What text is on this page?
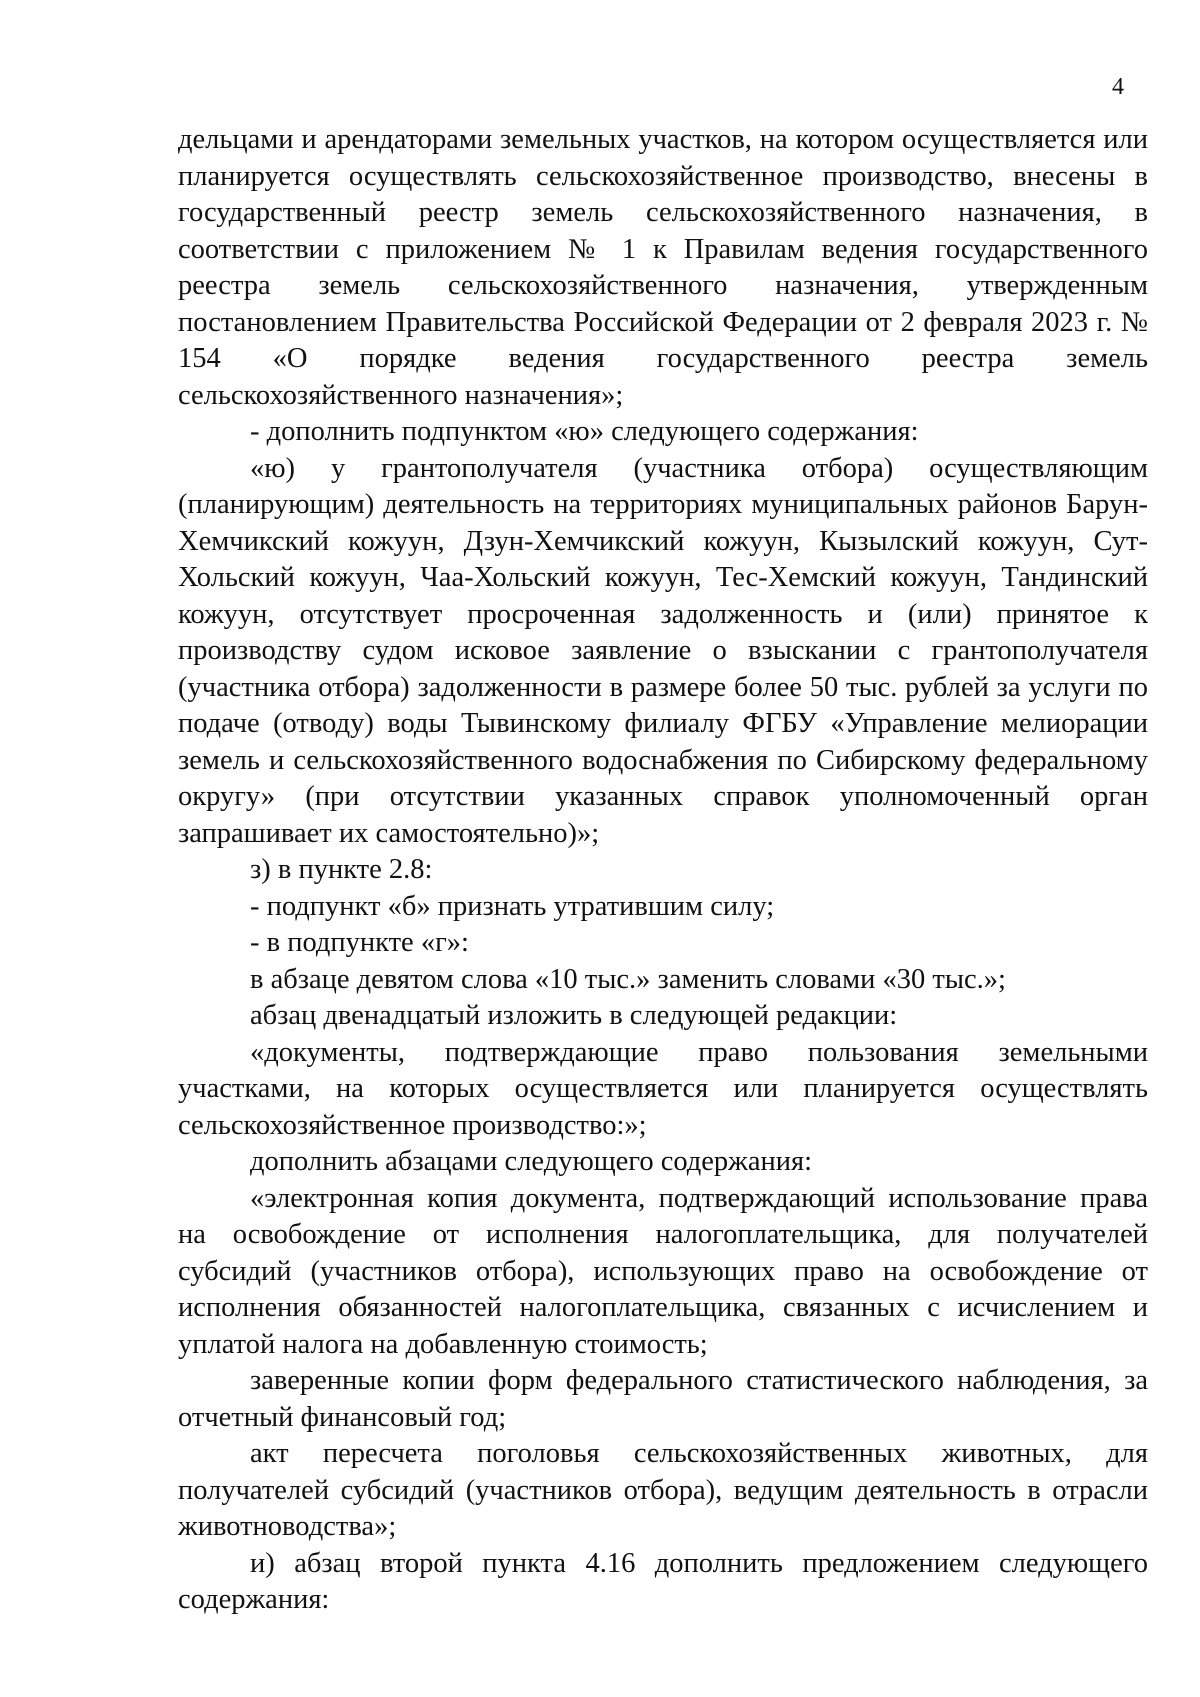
4

дельцами и арендаторами земельных участков, на котором осуществляется или планируется осуществлять сельскохозяйственное производство, внесены в государственный реестр земель сельскохозяйственного назначения, в соответствии с приложением № 1 к Правилам ведения государственного реестра земель сельскохозяйственного назначения, утвержденным постановлением Правительства Российской Федерации от 2 февраля 2023 г. № 154 «О порядке ведения государственного реестра земель сельскохозяйственного назначения»;

- дополнить подпунктом «ю» следующего содержания:

«ю) у грантополучателя (участника отбора) осуществляющим (планирующим) деятельность на территориях муниципальных районов Барун-Хемчикский кожуун, Дзун-Хемчикский кожуун, Кызылский кожуун, Сут-Хольский кожуун, Чаа-Хольский кожуун, Тес-Хемский кожуун, Тандинский кожуун, отсутствует просроченная задолженность и (или) принятое к производству судом исковое заявление о взыскании с грантополучателя (участника отбора) задолженности в размере более 50 тыс. рублей за услуги по подаче (отводу) воды Тывинскому филиалу ФГБУ «Управление мелиорации земель и сельскохозяйственного водоснабжения по Сибирскому федеральному округу» (при отсутствии указанных справок уполномоченный орган запрашивает их самостоятельно)»;

з) в пункте 2.8:

- подпункт «б» признать утратившим силу;

- в подпункте «г»:

в абзаце девятом слова «10 тыс.» заменить словами «30 тыс.»;

абзац двенадцатый изложить в следующей редакции:

«документы, подтверждающие право пользования земельными участками, на которых осуществляется или планируется осуществлять сельскохозяйственное производство:»;

дополнить абзацами следующего содержания:

«электронная копия документа, подтверждающий использование права на освобождение от исполнения налогоплательщика, для получателей субсидий (участников отбора), использующих право на освобождение от исполнения обязанностей налогоплательщика, связанных с исчислением и уплатой налога на добавленную стоимость;

заверенные копии форм федерального статистического наблюдения, за отчетный финансовый год;

акт пересчета поголовья сельскохозяйственных животных, для получателей субсидий (участников отбора), ведущим деятельность в отрасли животноводства»;

и) абзац второй пункта 4.16 дополнить предложением следующего содержания:
